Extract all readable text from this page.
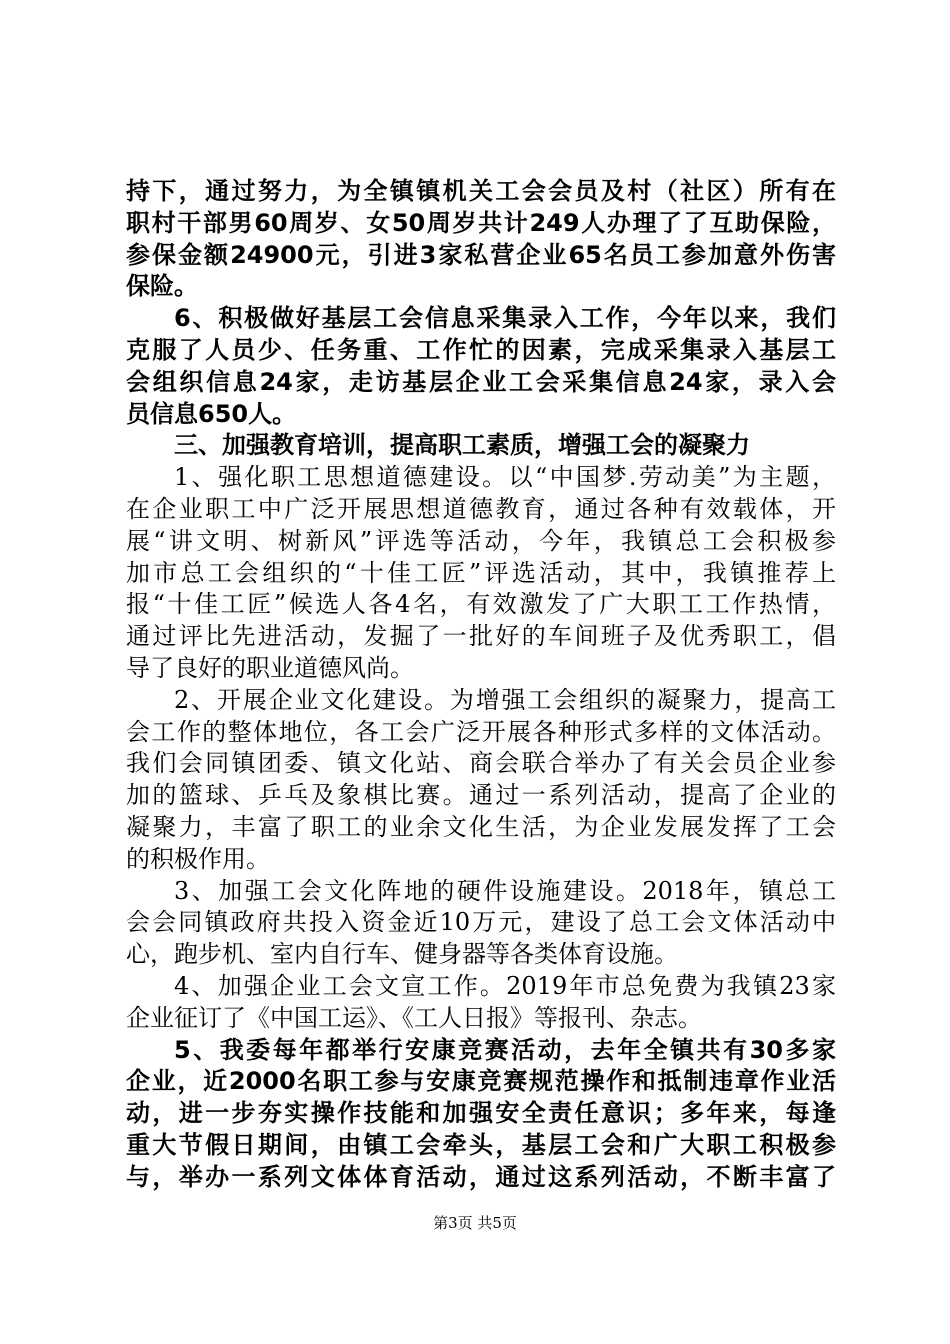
持下，通过努力，为全镇镇机关工会会员及村（社区）所有在
职村干部男60周岁、女50周岁共计249人办理了了互助保险，
参保金额24900元，引进3家私营企业65名员工参加意外伤害
保险。
6、积极做好基层工会信息采集录入工作，今年以来，我们
克服了人员少、任务重、工作忙的因素，完成采集录入基层工
会组织信息24家，走访基层企业工会采集信息24家，录入会
员信息650人。
三、加强教育培训，提高职工素质，增强工会的凝聚力
1、强化职工思想道德建设。以“中国梦.劳动美”为主题，
在企业职工中广泛开展思想道德教育，通过各种有效载体，开
展“讲文明、树新风”评选等活动，今年，我镇总工会积极参
加市总工会组织的“十佳工匠”评选活动，其中，我镇推荐上
报“十佳工匠”候选人各4名，有效激发了广大职工工作热情，
通过评比先进活动，发掘了一批好的车间班子及优秀职工，倡
导了良好的职业道德风尚。
2、开展企业文化建设。为增强工会组织的凝聚力，提高工
会工作的整体地位，各工会广泛开展各种形式多样的文体活动。
我们会同镇团委、镇文化站、商会联合举办了有关会员企业参
加的篮球、乒乓及象棋比赛。通过一系列活动，提高了企业的
凝聚力，丰富了职工的业余文化生活，为企业发展发挥了工会
的积极作用。
3、加强工会文化阵地的硬件设施建设。2018年，镇总工
会会同镇政府共投入资金近10万元，建设了总工会文体活动中
心，跑步机、室内自行车、健身器等各类体育设施。
4、加强企业工会文宣工作。2019年市总免费为我镇23家
企业征订了《中国工运》、《工人日报》等报刊、杂志。
5、我委每年都举行安康竞赛活动，去年全镇共有30多家
企业，近2000名职工参与安康竞赛规范操作和抵制违章作业活
动，进一步夯实操作技能和加强安全责任意识；多年来，每逢
重大节假日期间，由镇工会牵头，基层工会和广大职工积极参
与，举办一系列文体体育活动，通过这系列活动，不断丰富了
第3页 共5页
